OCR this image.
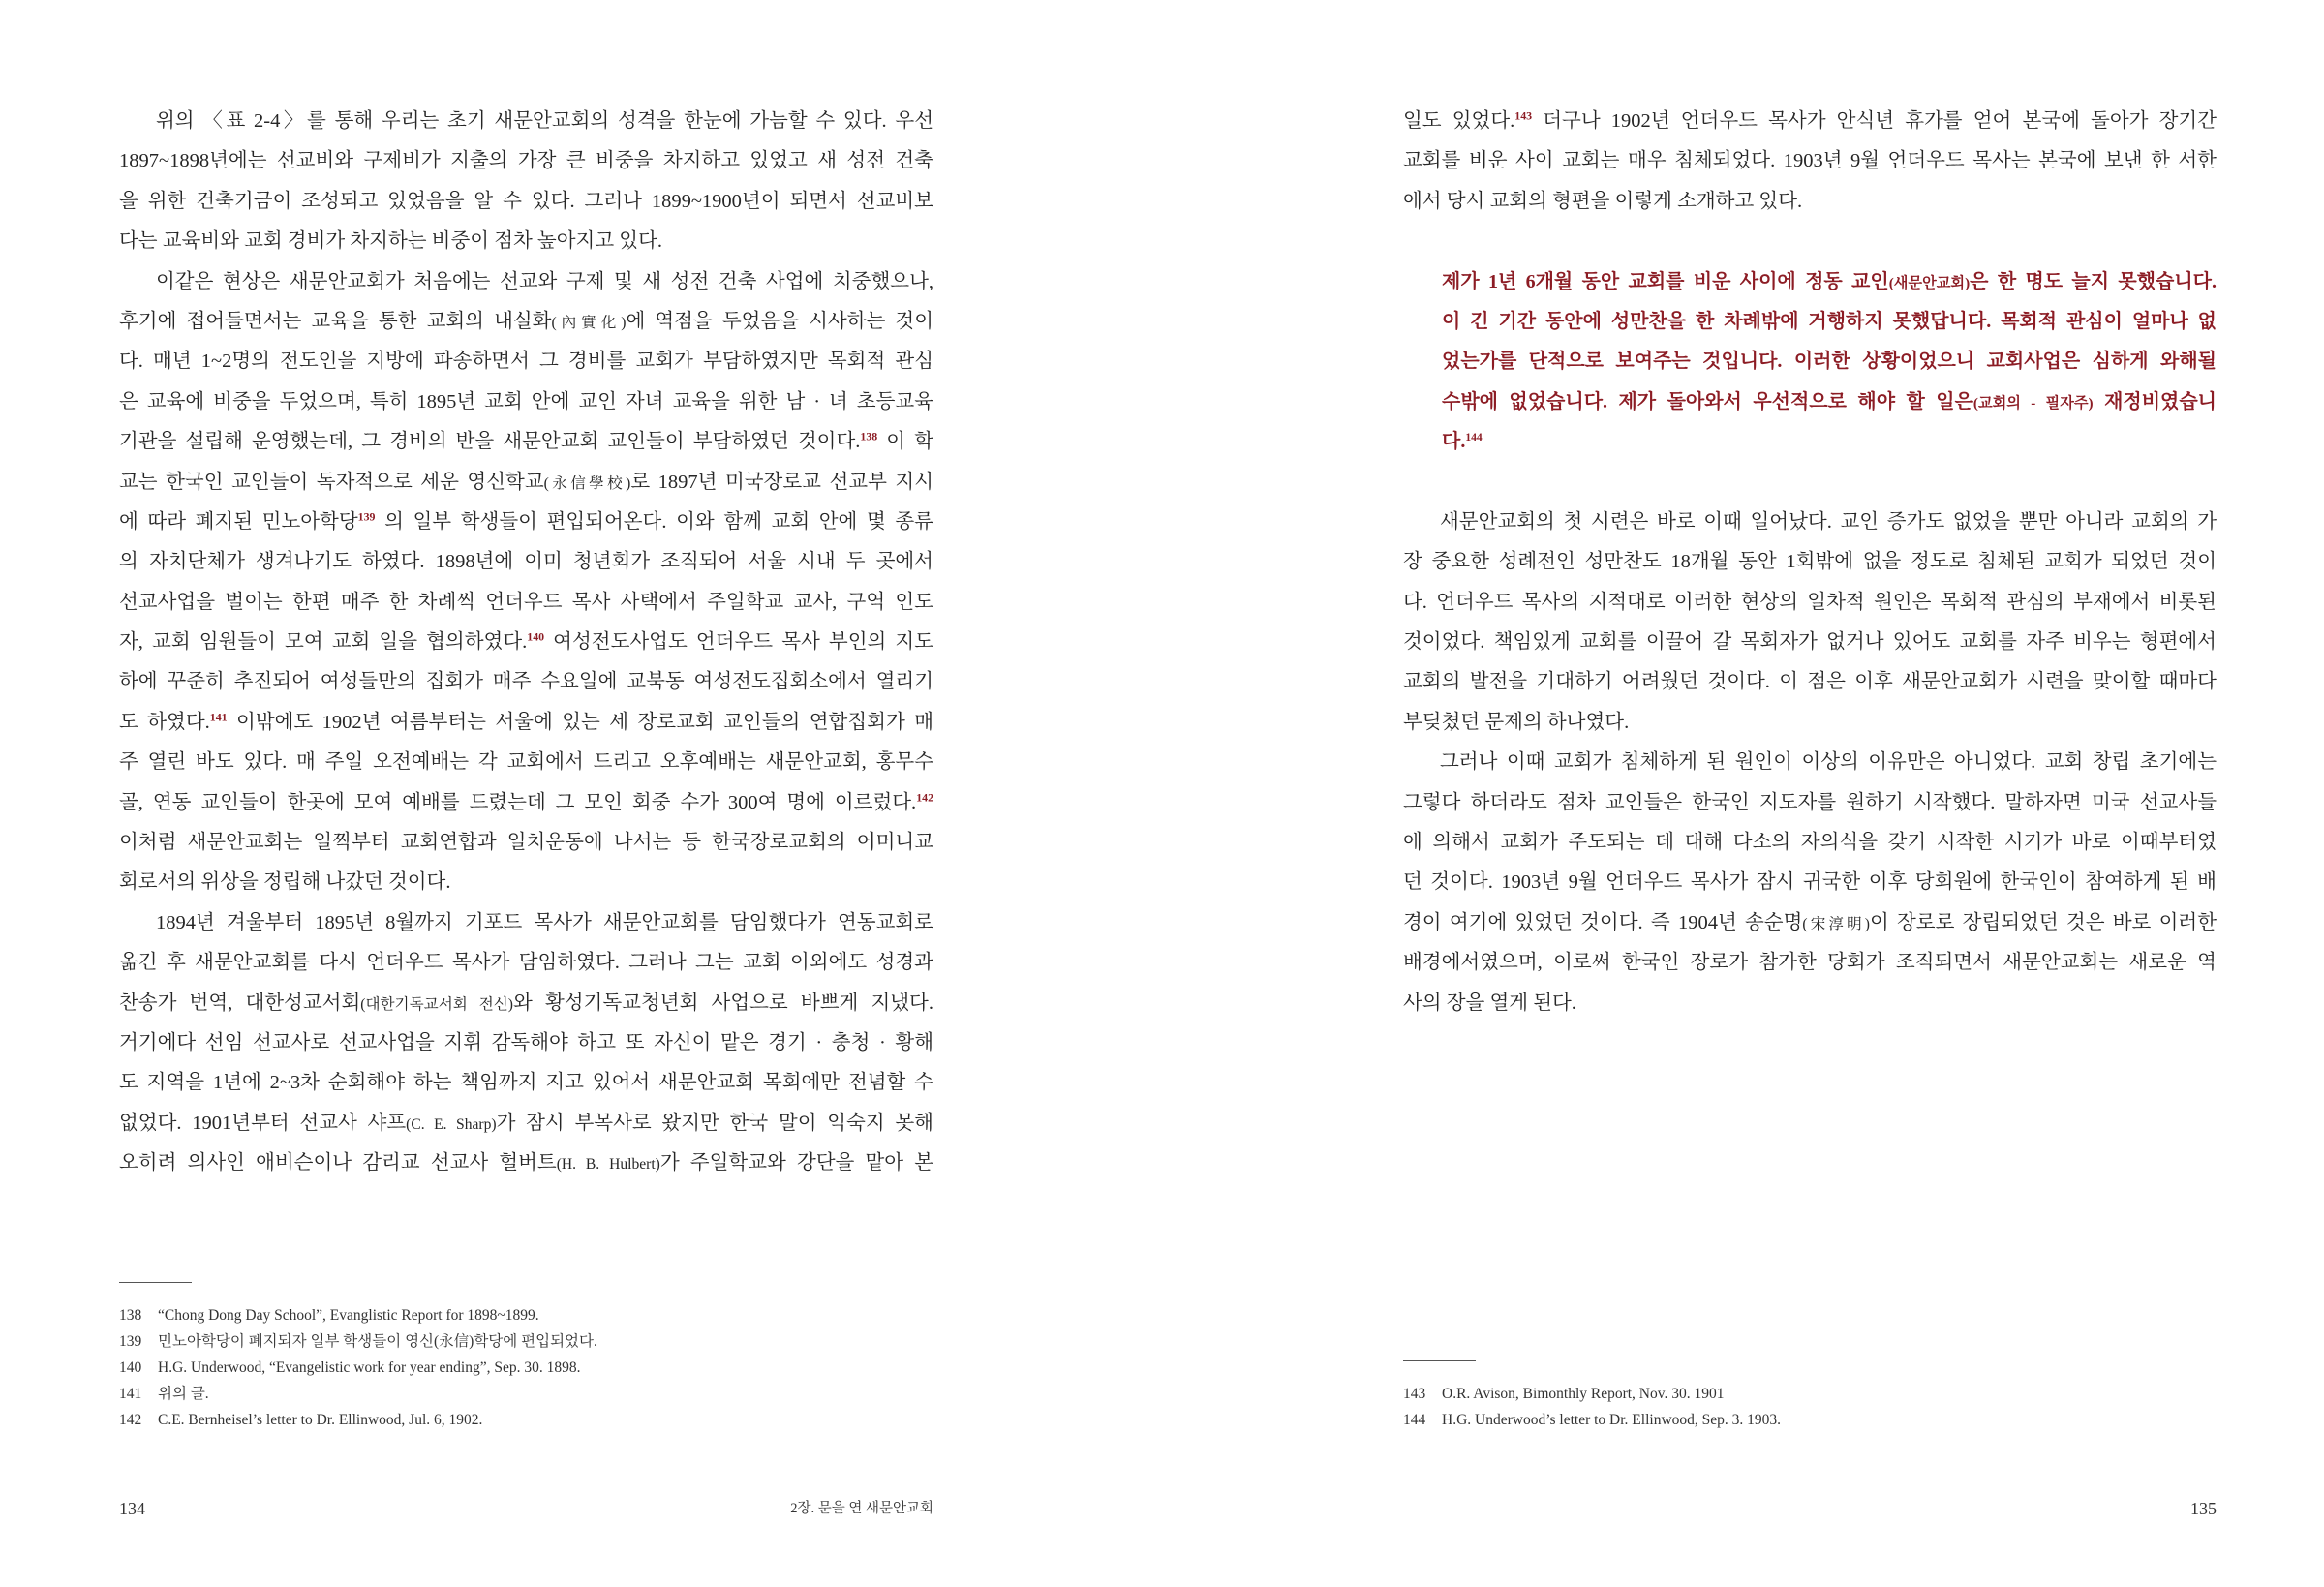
위의 〈표 2-4〉를 통해 우리는 초기 새문안교회의 성격을 한눈에 가늠할 수 있다. 우선
1897~1898년에는 선교비와 구제비가 지출의 가장 큰 비중을 차지하고 있었고 새 성전 건축
을 위한 건축기금이 조성되고 있었음을 알 수 있다. 그러나 1899~1900년이 되면서 선교비보
다는 교육비와 교회 경비가 차지하는 비중이 점차 높아지고 있다.
이같은 현상은 새문안교회가 처음에는 선교와 구제 및 새 성전 건축 사업에 치중했으나,
후기에 접어들면서는 교육을 통한 교회의 내실화(內實化)에 역점을 두었음을 시사하는 것이
다. 매년 1~2명의 전도인을 지방에 파송하면서 그 경비를 교회가 부담하였지만 목회적 관심
은 교육에 비중을 두었으며, 특히 1895년 교회 안에 교인 자녀 교육을 위한 남 · 녀 초등교육
기관을 설립해 운영했는데, 그 경비의 반을 새문안교회 교인들이 부담하였던 것이다.$^{138}$ 이 학
교는 한국인 교인들이 독자적으로 세운 영신학교(永信學校)로 1897년 미국장로교 선교부 지시
에 따라 폐지된 민노아학당$^{139}$ 의 일부 학생들이 편입되어온다. 이와 함께 교회 안에 몇 종류
의 자치단체가 생겨나기도 하였다. 1898년에 이미 청년회가 조직되어 서울 시내 두 곳에서
선교사업을 벌이는 한편 매주 한 차례씩 언더우드 목사 사택에서 주일학교 교사, 구역 인도
자, 교회 임원들이 모여 교회 일을 협의하였다.$^{140}$ 여성전도사업도 언더우드 목사 부인의 지도
하에 꾸준히 추진되어 여성들만의 집회가 매주 수요일에 교북동 여성전도집회소에서 열리기
도 하였다.$^{141}$ 이밖에도 1902년 여름부터는 서울에 있는 세 장로교회 교인들의 연합집회가 매
주 열린 바도 있다. 매 주일 오전예배는 각 교회에서 드리고 오후예배는 새문안교회, 홍무수
골, 연동 교인들이 한곳에 모여 예배를 드렸는데 그 모인 회중 수가 300여 명에 이르렀다.$^{142}$
이처럼 새문안교회는 일찍부터 교회연합과 일치운동에 나서는 등 한국장로교회의 어머니교
회로서의 위상을 정립해 나갔던 것이다.
1894년 겨울부터 1895년 8월까지 기포드 목사가 새문안교회를 담임했다가 연동교회로
옮긴 후 새문안교회를 다시 언더우드 목사가 담임하였다. 그러나 그는 교회 이외에도 성경과
찬송가 번역, 대한성교서회(대한기독교서회 전신)와 황성기독교청년회 사업으로 바쁘게 지냈다.
거기에다 선임 선교사로 선교사업을 지휘 감독해야 하고 또 자신이 맡은 경기 · 충청 · 황해
도 지역을 1년에 2~3차 순회해야 하는 책임까지 지고 있어서 새문안교회 목회에만 전념할 수
없었다. 1901년부터 선교사 샤프(C. E. Sharp)가 잠시 부목사로 왔지만 한국 말이 익숙지 못해
오히려 의사인 애비슨이나 감리교 선교사 헐버트(H. B. Hulbert)가 주일학교와 강단을 맡아 본
138	“Chong Dong Day School”, Evanglistic Report for 1898~1899.
139	민노아학당이 폐지되자 일부 학생들이 영신(永信)학당에 편입되었다.
140	H.G. Underwood, “Evangelistic work for year ending”, Sep. 30. 1898.
141	위의 글.
142	C.E. Bernheisel’s letter to Dr. Ellinwood, Jul. 6, 1902.
134	2장. 문을 연 새문안교회
일도 있었다.$^{143}$ 더구나 1902년 언더우드 목사가 안식년 휴가를 얻어 본국에 돌아가 장기간
교회를 비운 사이 교회는 매우 침체되었다. 1903년 9월 언더우드 목사는 본국에 보낸 한 서한
에서 당시 교회의 형편을 이렇게 소개하고 있다.
제가 1년 6개월 동안 교회를 비운 사이에 정동 교인(새문안교회)은 한 명도 늘지 못했습니다.
이 긴 기간 동안에 성만찬을 한 차례밖에 거행하지 못했답니다. 목회적 관심이 얼마나 없
었는가를 단적으로 보여주는 것입니다. 이러한 상황이었으니 교회사업은 심하게 와해될
수밖에 없었습니다. 제가 돌아와서 우선적으로 해야 할 일은(교회의 - 필자주) 재정비였습니
다.$^{144}$
새문안교회의 첫 시련은 바로 이때 일어났다. 교인 증가도 없었을 뿐만 아니라 교회의 가
장 중요한 성례전인 성만찬도 18개월 동안 1회밖에 없을 정도로 침체된 교회가 되었던 것이
다. 언더우드 목사의 지적대로 이러한 현상의 일차적 원인은 목회적 관심의 부재에서 비롯된
것이었다. 책임있게 교회를 이끌어 갈 목회자가 없거나 있어도 교회를 자주 비우는 형편에서
교회의 발전을 기대하기 어려웠던 것이다. 이 점은 이후 새문안교회가 시련을 맞이할 때마다
부딪쳤던 문제의 하나였다.
그러나 이때 교회가 침체하게 된 원인이 이상의 이유만은 아니었다. 교회 창립 초기에는
그렇다 하더라도 점차 교인들은 한국인 지도자를 원하기 시작했다. 말하자면 미국 선교사들
에 의해서 교회가 주도되는 데 대해 다소의 자의식을 갖기 시작한 시기가 바로 이때부터였
던 것이다. 1903년 9월 언더우드 목사가 잠시 귀국한 이후 당회원에 한국인이 참여하게 된 배
경이 여기에 있었던 것이다. 즉 1904년 송순명(宋淳明)이 장로로 장립되었던 것은 바로 이러한
배경에서였으며, 이로써 한국인 장로가 참가한 당회가 조직되면서 새문안교회는 새로운 역
사의 장을 열게 된다.
143	O.R. Avison, Bimonthly Report, Nov. 30. 1901
144	H.G. Underwood’s letter to Dr. Ellinwood, Sep. 3. 1903.
135
